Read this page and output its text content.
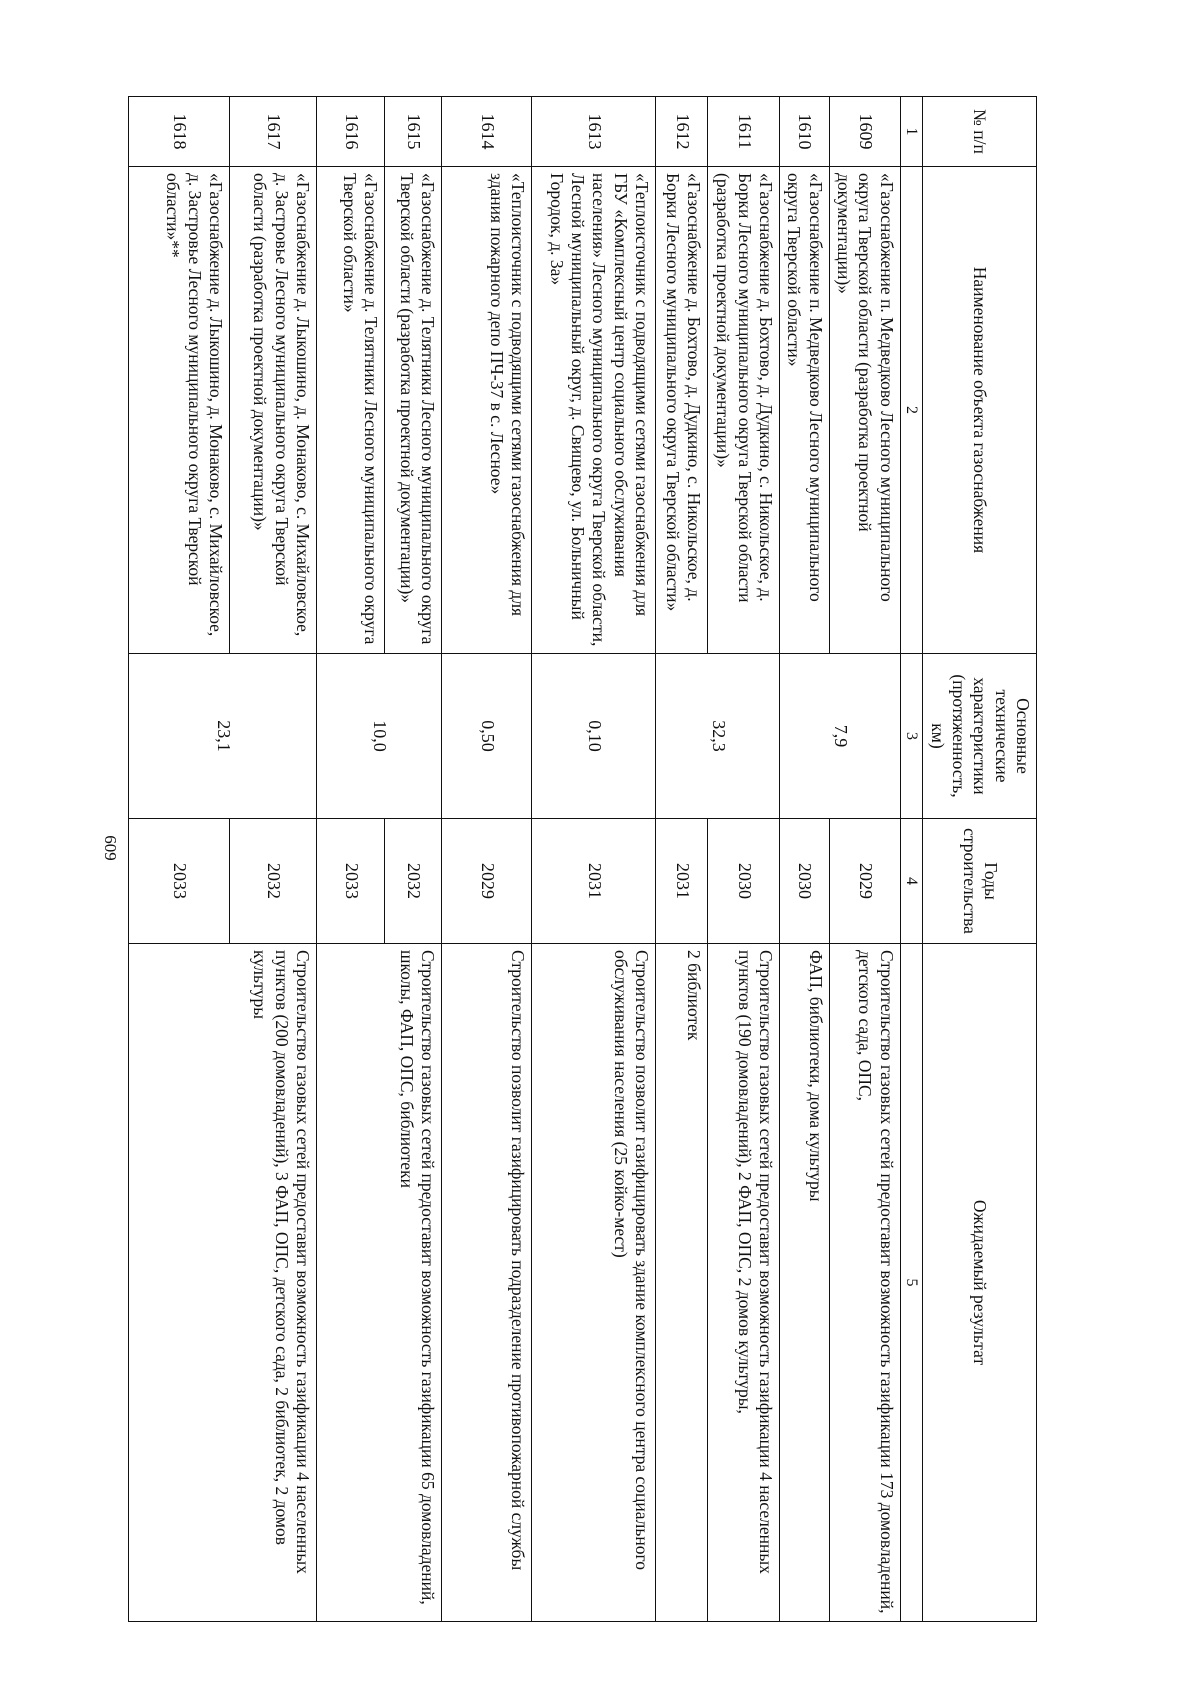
609
№ п/п	Наименование объекта газоснабжения	Основные технические характеристики (протяженность, км)	Годы строительства	Ожидаемый результат
1	2	3	4	5
1609	«Газоснабжение п. Медведково Лесного муниципального округа Тверской области (разработка проектной документации)»	7,9	2029	Строительство газовых сетей предоставит возможность газификации 173 домовладений, детского сада, ОПС,
1610	«Газоснабжение п. Медведково Лесного муниципального округа Тверской области»		2030	ФАП, библиотеки, дома культуры
1611	«Газоснабжение д. Бохтово, д. Дудкино, с. Никольское, д. Борки Лесного муниципального округа Тверской области (разработка проектной документации)»	32,3	2030	Строительство газовых сетей предоставит возможность газификации 4 населенных пунктов (190 домовладений), 2 ФАП, ОПС, 2 домов культуры,
1612	«Газоснабжение д. Бохтово, д. Дудкино, с. Никольское, д. Борки Лесного муниципального округа Тверской области»		2031	2 библиотек
1613	«Теплоисточник с подводящими сетями газоснабжения для ГБУ «Комплексный центр социального обслуживания населения» Лесного муниципального округа Тверской области, Лесной муниципальный округ, д. Свищево, ул. Больничный Городок, д. 3а»	0,10	2031	Строительство позволит газифицировать здание комплексного центра социального обслуживания населения (25 койко-мест)
1614	«Теплоисточник с подводящими сетями газоснабжения для здания пожарного депо ПЧ-37 в с. Лесное»	0,50	2029	Строительство позволит газифицировать подразделение противопожарной службы
1615	«Газоснабжение д. Телятники Лесного муниципального округа Тверской области (разработка проектной документации)»	10,0	2032	Строительство газовых сетей предоставит возможность газификации 65 домовладений, школы, ФАП, ОПС, библиотеки
1616	«Газоснабжение д. Телятники Лесного муниципального округа Тверской области»		2033	
1617	«Газоснабжение д. Лыкошино, д. Монаково, с. Михайловское, д. Застровье Лесного муниципального округа Тверской области (разработка проектной документации)»	23,1	2032	Строительство газовых сетей предоставит возможность газификации 4 населенных пунктов (200 домовладений), 3 ФАП, ОПС, детского сада, 2 библиотек, 2 домов культуры
1618	«Газоснабжение д. Лыкошино, д. Монаково, с. Михайловское, д. Застровье Лесного муниципального округа Тверской области»**		2033	
